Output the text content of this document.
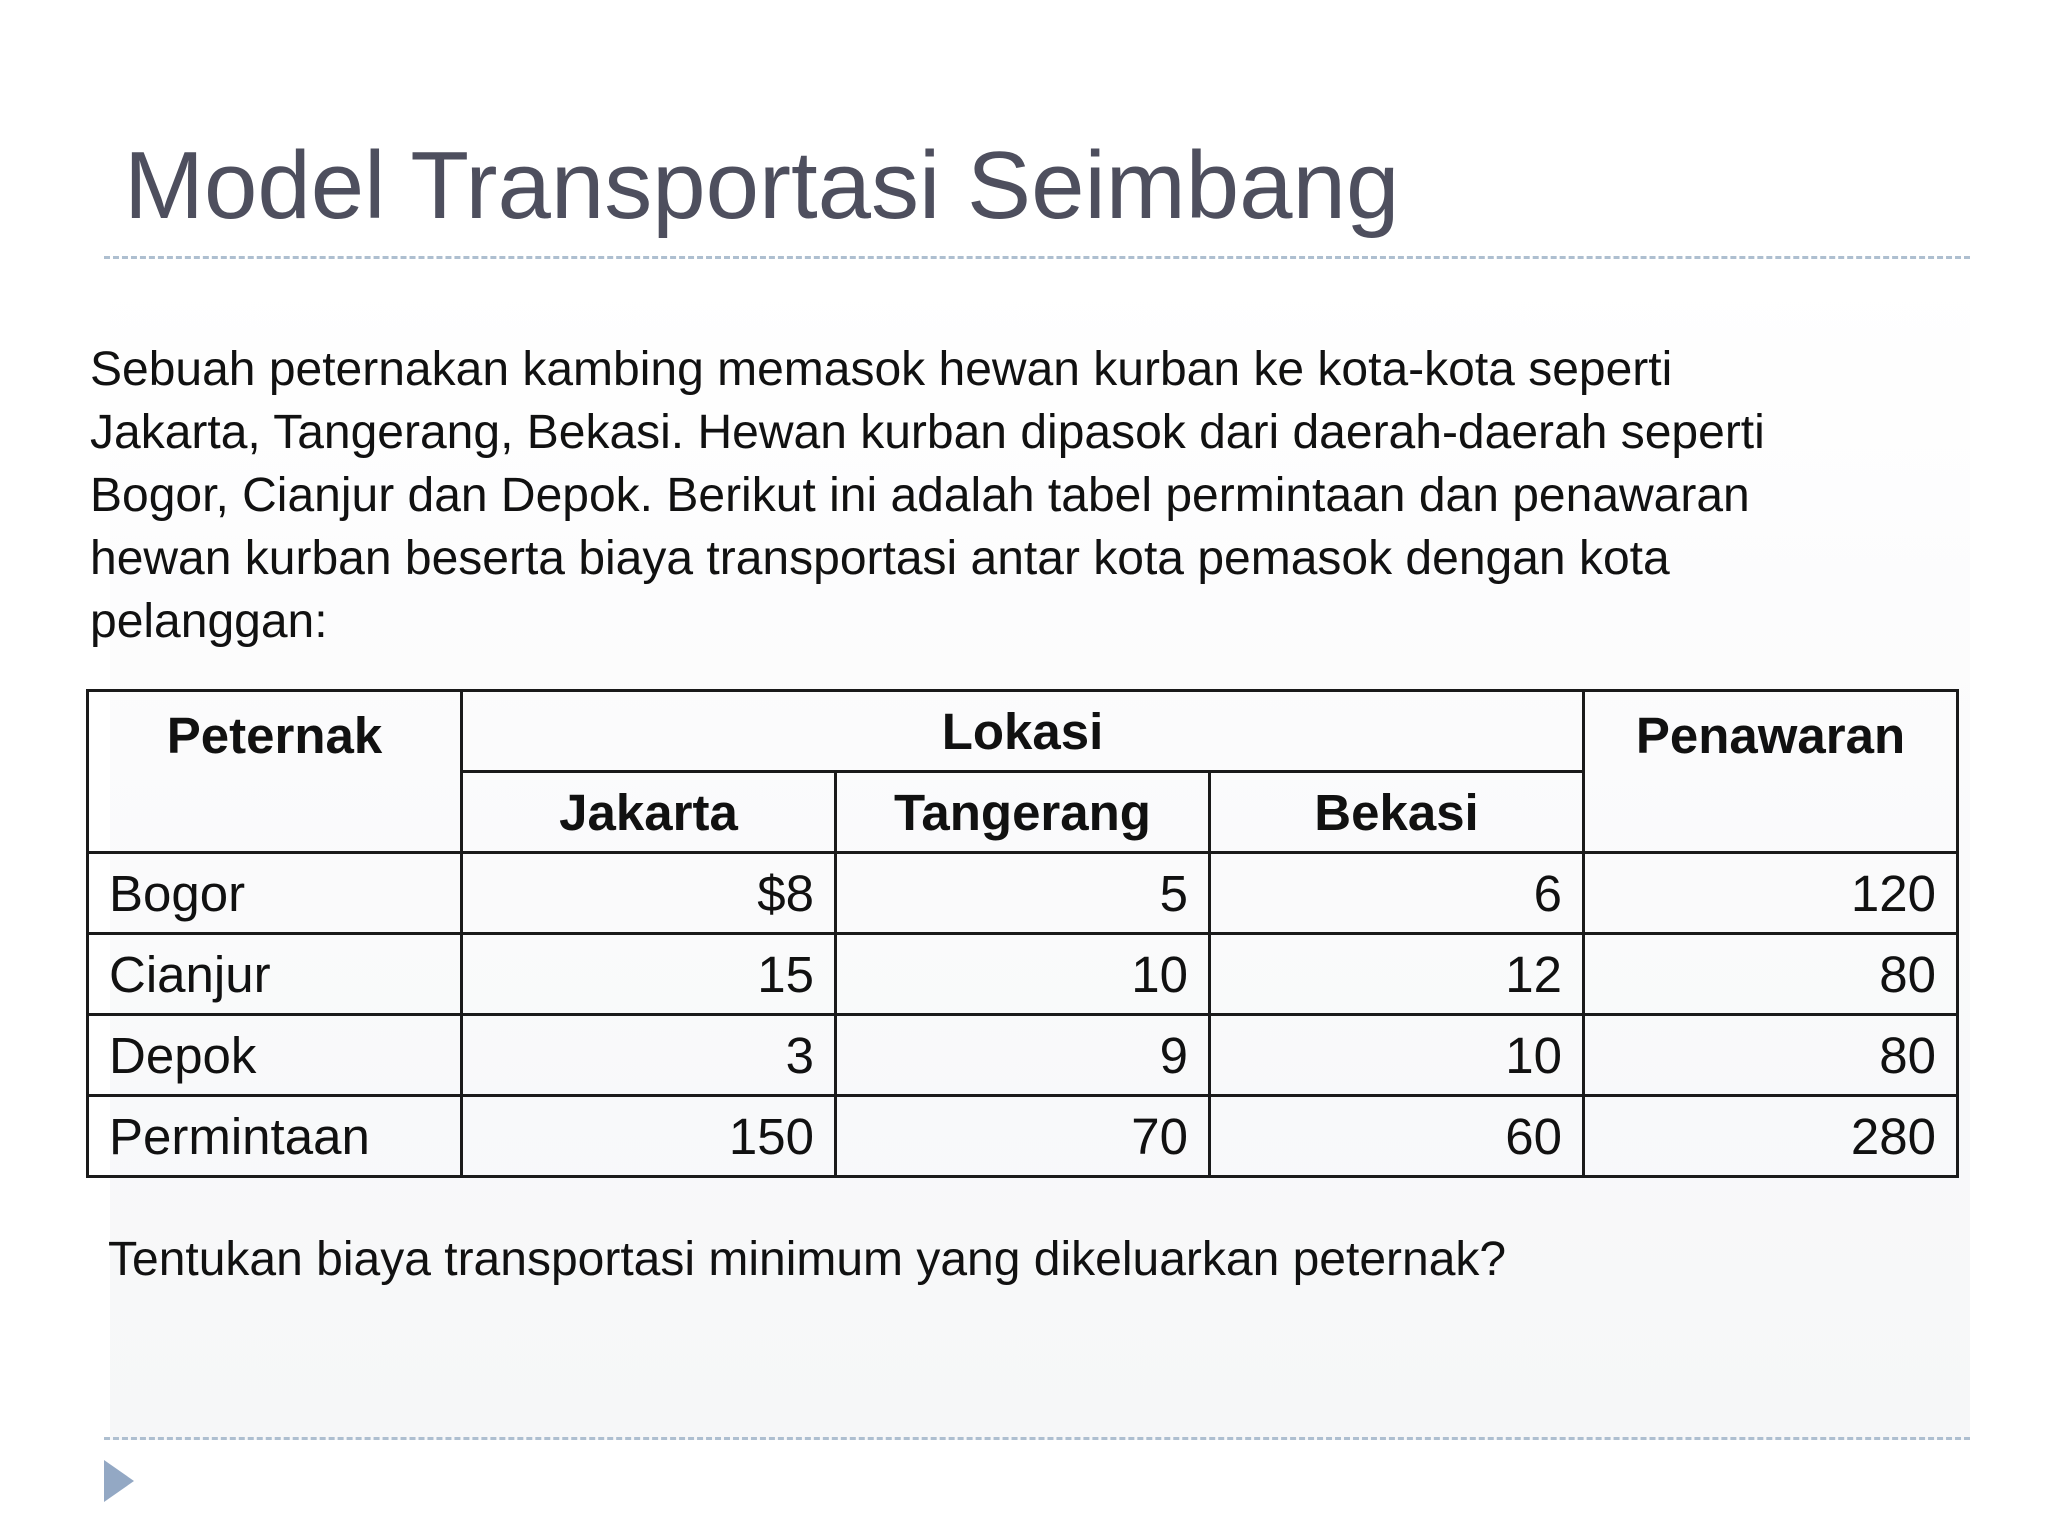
Model Transportasi Seimbang
Sebuah peternakan kambing memasok hewan kurban ke kota-kota seperti
Jakarta, Tangerang, Bekasi. Hewan kurban dipasok dari daerah-daerah seperti
Bogor, Cianjur dan Depok. Berikut ini adalah tabel permintaan dan penawaran
hewan kurban beserta biaya transportasi antar kota pemasok dengan kota
pelanggan:
Peternak	Lokasi			Penawaran
	Jakarta	Tangerang	Bekasi	
Bogor	$8	5	6	120
Cianjur	15	10	12	80
Depok	3	9	10	80
Permintaan	150	70	60	280
Tentukan biaya transportasi minimum yang dikeluarkan peternak?
